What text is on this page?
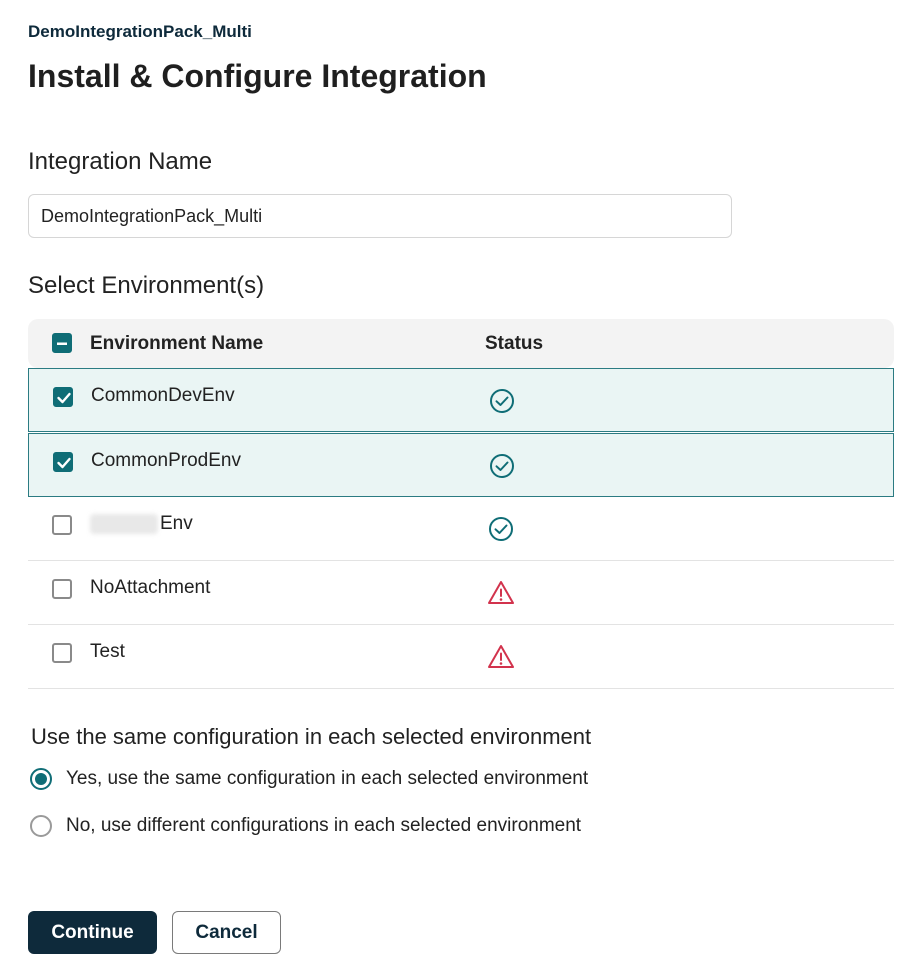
DemoIntegrationPack_Multi
Install & Configure Integration
Integration Name
DemoIntegrationPack_Multi
Select Environment(s)
Environment Name	Status
CommonDevEnv
CommonProdEnv
Env
NoAttachment
Test
Use the same configuration in each selected environment
Yes, use the same configuration in each selected environment
No, use different configurations in each selected environment
Continue	Cancel
